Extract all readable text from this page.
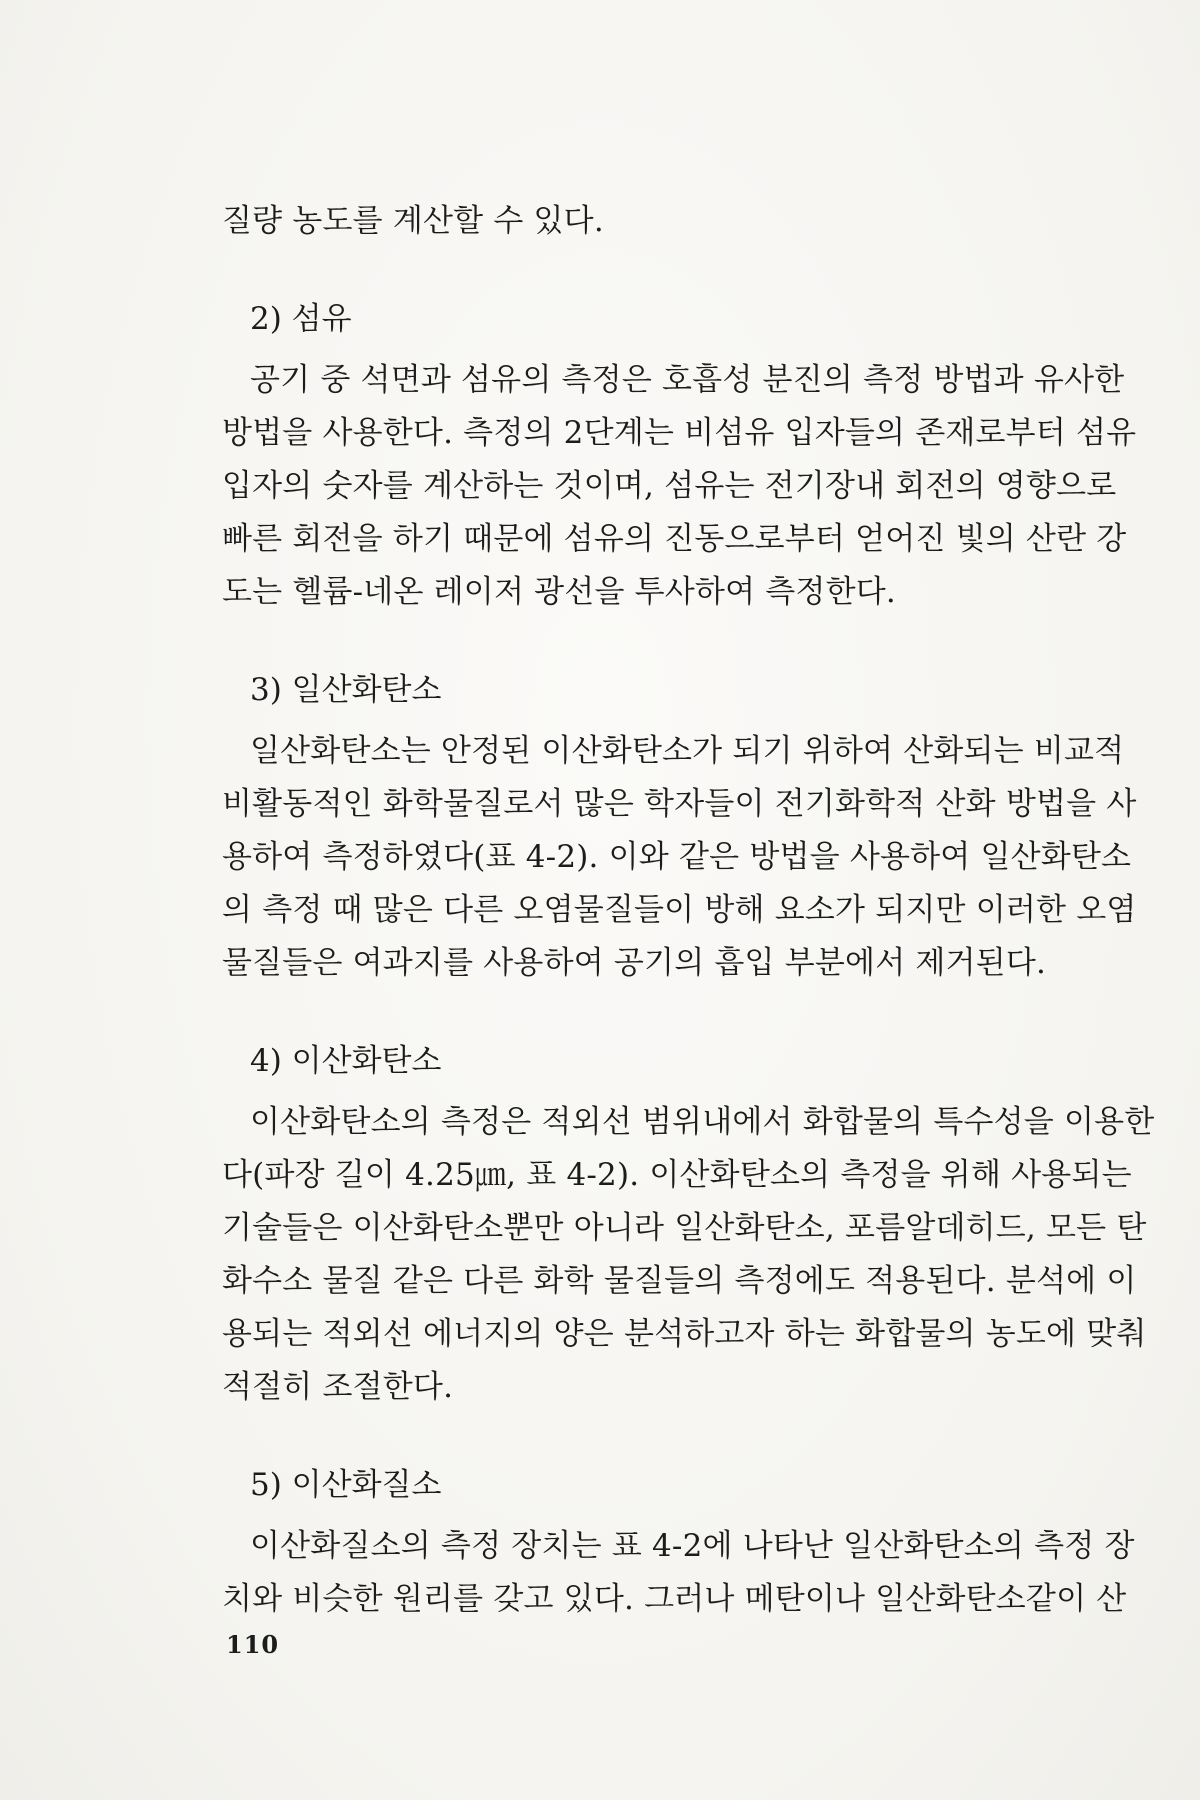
질량 농도를 계산할 수 있다.
2) 섬유
공기 중 석면과 섬유의 측정은 호흡성 분진의 측정 방법과 유사한
방법을 사용한다. 측정의 2단계는 비섬유 입자들의 존재로부터 섬유
입자의 숫자를 계산하는 것이며, 섬유는 전기장내 회전의 영향으로
빠른 회전을 하기 때문에 섬유의 진동으로부터 얻어진 빛의 산란 강
도는 헬륨-네온 레이저 광선을 투사하여 측정한다.
3) 일산화탄소
일산화탄소는 안정된 이산화탄소가 되기 위하여 산화되는 비교적
비활동적인 화학물질로서 많은 학자들이 전기화학적 산화 방법을 사
용하여 측정하였다(표 4-2). 이와 같은 방법을 사용하여 일산화탄소
의 측정 때 많은 다른 오염물질들이 방해 요소가 되지만 이러한 오염
물질들은 여과지를 사용하여 공기의 흡입 부분에서 제거된다.
4) 이산화탄소
이산화탄소의 측정은 적외선 범위내에서 화합물의 특수성을 이용한
다(파장 길이 4.25㎛, 표 4-2). 이산화탄소의 측정을 위해 사용되는
기술들은 이산화탄소뿐만 아니라 일산화탄소, 포름알데히드, 모든 탄
화수소 물질 같은 다른 화학 물질들의 측정에도 적용된다. 분석에 이
용되는 적외선 에너지의 양은 분석하고자 하는 화합물의 농도에 맞춰
적절히 조절한다.
5) 이산화질소
이산화질소의 측정 장치는 표 4-2에 나타난 일산화탄소의 측정 장
치와 비슷한 원리를 갖고 있다. 그러나 메탄이나 일산화탄소같이 산
110
